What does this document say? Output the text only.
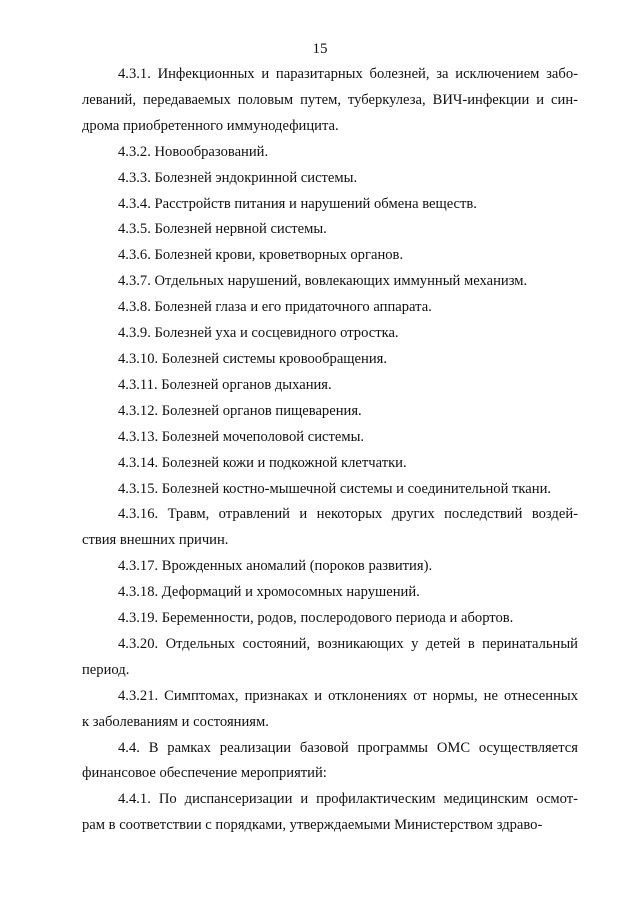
15

4.3.1. Инфекционных и паразитарных болезней, за исключением забо-
леваний, передаваемых половым путем, туберкулеза, ВИЧ-инфекции и син-
дрома приобретенного иммунодефицита.

4.3.2. Новообразований.

4.3.3. Болезней эндокринной системы.

4.3.4. Расстройств питания и нарушений обмена веществ.

4.3.5. Болезней нервной системы.

4.3.6. Болезней крови, кроветворных органов.

4.3.7. Отдельных нарушений, вовлекающих иммунный механизм.

4.3.8. Болезней глаза и его придаточного аппарата.

4.3.9. Болезней уха и сосцевидного отростка.

4.3.10. Болезней системы кровообращения.

4.3.11. Болезней органов дыхания.

4.3.12. Болезней органов пищеварения.

4.3.13. Болезней мочеполовой системы.

4.3.14. Болезней кожи и подкожной клетчатки.

4.3.15. Болезней костно-мышечной системы и соединительной ткани.

4.3.16. Травм, отравлений и некоторых других последствий воздей-
ствия внешних причин.

4.3.17. Врожденных аномалий (пороков развития).

4.3.18. Деформаций и хромосомных нарушений.

4.3.19. Беременности, родов, послеродового периода и абортов.

4.3.20. Отдельных состояний, возникающих у детей в перинатальный
период.

4.3.21. Симптомах, признаках и отклонениях от нормы, не отнесенных
к заболеваниям и состояниям.

4.4. В рамках реализации базовой программы ОМС осуществляется
финансовое обеспечение мероприятий:

4.4.1. По диспансеризации и профилактическим медицинским осмот-
рам в соответствии с порядками, утверждаемыми Министерством здраво-
